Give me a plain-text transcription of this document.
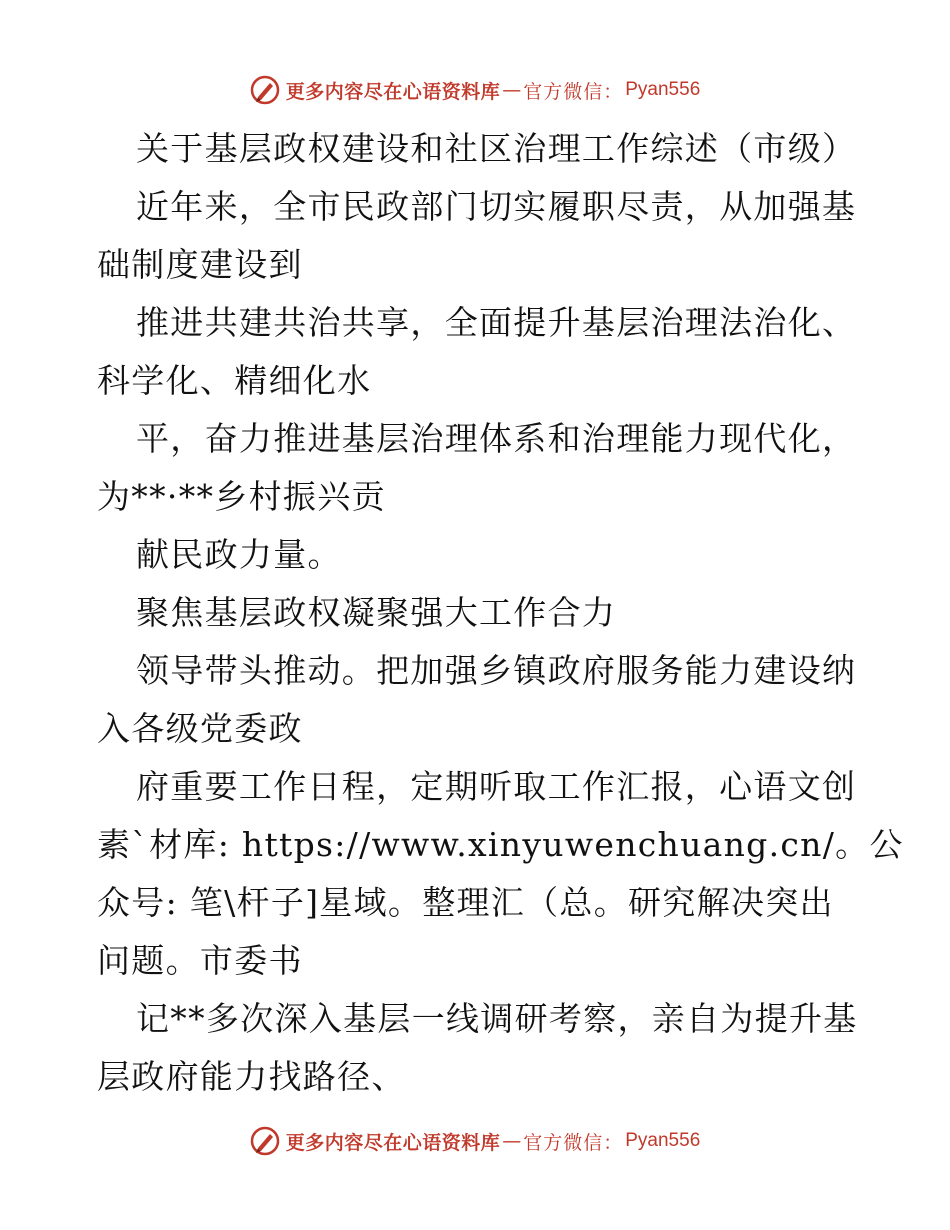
更多内容尽在心语资料库 — 官方微信： Pyan556

关于基层政权建设和社区治理工作综述（市级）

近年来，全市民政部门切实履职尽责，从加强基

础制度建设到

推进共建共治共享，全面提升基层治理法治化、

科学化、精细化水

平，奋力推进基层治理体系和治理能力现代化，

为**·**乡村振兴贡

献民政力量。

聚焦基层政权凝聚强大工作合力

领导带头推动。把加强乡镇政府服务能力建设纳

入各级党委政

府重要工作日程，定期听取工作汇报，心语文创

素`材库: https://www.xinyuwenchuang.cn/。公

众号: 笔\杆子]星域。整理汇（总。研究解决突出

问题。市委书

记**多次深入基层一线调研考察，亲自为提升基

层政府能力找路径、

更多内容尽在心语资料库 — 官方微信： Pyan556
